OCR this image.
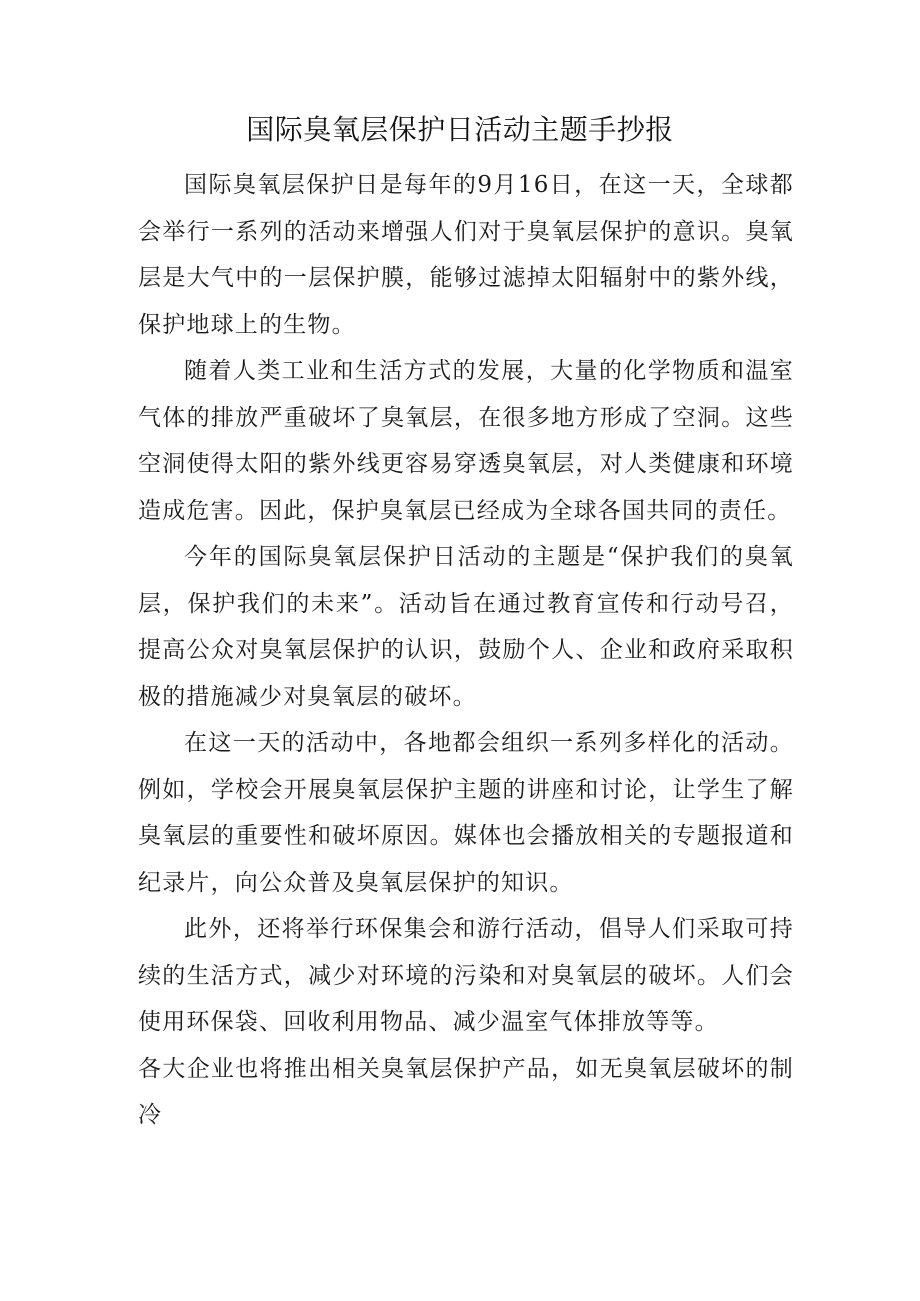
国际臭氧层保护日活动主题手抄报

国际臭氧层保护日是每年的9月16日，在这一天，全球都会举行一系列的活动来增强人们对于臭氧层保护的意识。臭氧层是大气中的一层保护膜，能够过滤掉太阳辐射中的紫外线，保护地球上的生物。

随着人类工业和生活方式的发展，大量的化学物质和温室气体的排放严重破坏了臭氧层，在很多地方形成了空洞。这些空洞使得太阳的紫外线更容易穿透臭氧层，对人类健康和环境造成危害。因此，保护臭氧层已经成为全球各国共同的责任。

今年的国际臭氧层保护日活动的主题是“保护我们的臭氧层，保护我们的未来”。活动旨在通过教育宣传和行动号召，提高公众对臭氧层保护的认识，鼓励个人、企业和政府采取积极的措施减少对臭氧层的破坏。

在这一天的活动中，各地都会组织一系列多样化的活动。例如，学校会开展臭氧层保护主题的讲座和讨论，让学生了解臭氧层的重要性和破坏原因。媒体也会播放相关的专题报道和纪录片，向公众普及臭氧层保护的知识。

此外，还将举行环保集会和游行活动，倡导人们采取可持续的生活方式，减少对环境的污染和对臭氧层的破坏。人们会使用环保袋、回收利用物品、减少温室气体排放等等。

各大企业也将推出相关臭氧层保护产品，如无臭氧层破坏的制冷
